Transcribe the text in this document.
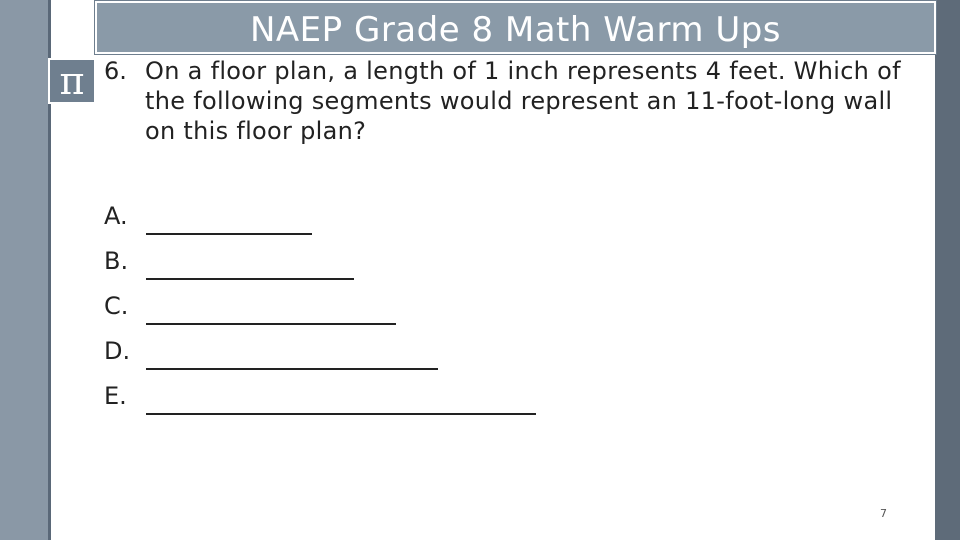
NAEP Grade 8 Math Warm Ups
π 6. On a floor plan, a length of 1 inch represents 4 feet. Which of the following segments would represent an 11-foot-long wall on this floor plan?
A.
B.
C.
D.
E.
7
